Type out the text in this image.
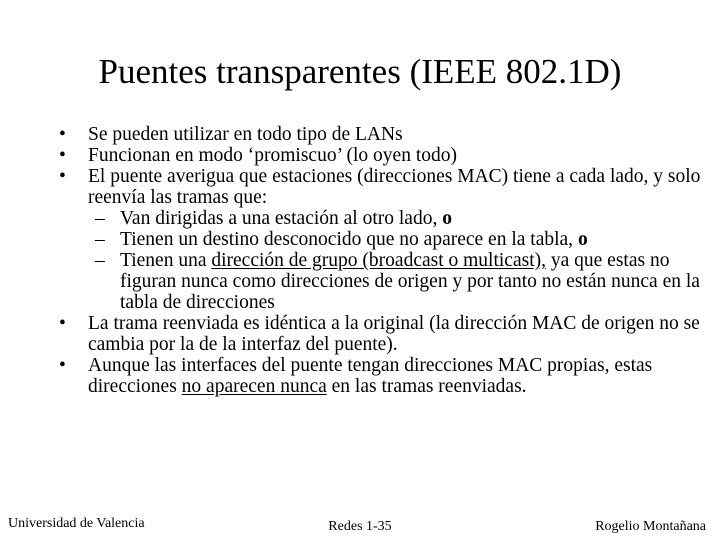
Puentes transparentes (IEEE 802.1D)
• Se pueden utilizar en todo tipo de LANs
• Funcionan en modo ‘promiscuo’ (lo oyen todo)
• El puente averigua que estaciones (direcciones MAC) tiene a cada lado, y solo reenvía las tramas que:
– Van dirigidas a una estación al otro lado, o
– Tienen un destino desconocido que no aparece en la tabla, o
– Tienen una dirección de grupo (broadcast o multicast), ya que estas no figuran nunca como direcciones de origen y por tanto no están nunca en la tabla de direcciones
• La trama reenviada es idéntica a la original (la dirección MAC de origen no se cambia por la de la interfaz del puente).
• Aunque las interfaces del puente tengan direcciones MAC propias, estas direcciones no aparecen nunca en las tramas reenviadas.
Universidad de Valencia	Redes 1-35	Rogelio Montañana
